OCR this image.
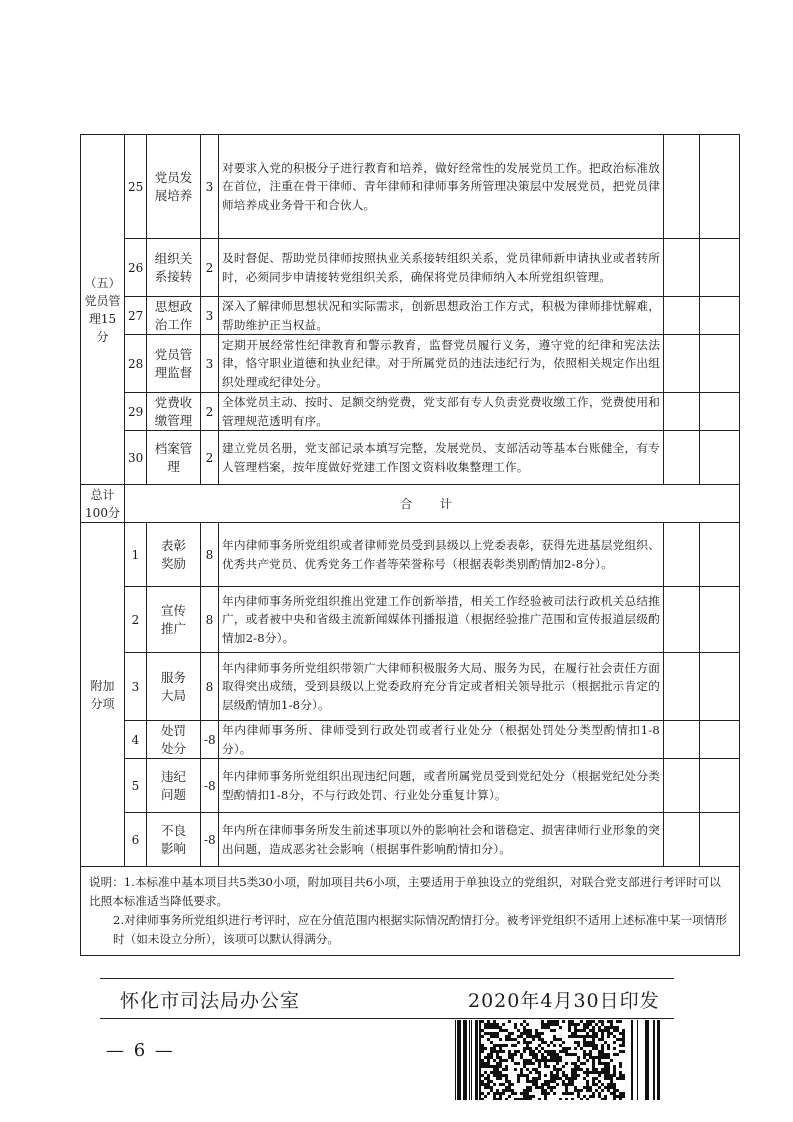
（五）
党员管
理15
分	25	党员发
展培养	3	对要求入党的积极分子进行教育和培养，做好经常性的发展党员工作。把政治标准放在首位，注重在骨干律师、青年律师和律师事务所管理决策层中发展党员，把党员律师培养成业务骨干和合伙人。		
	26	组织关
系接转	2	及时督促、帮助党员律师按照执业关系接转组织关系，党员律师新申请执业或者转所时，必须同步申请接转党组织关系，确保将党员律师纳入本所党组织管理。		
	27	思想政
治工作	3	深入了解律师思想状况和实际需求，创新思想政治工作方式，积极为律师排忧解难，帮助维护正当权益。		
	28	党员管
理监督	3	定期开展经常性纪律教育和警示教育，监督党员履行义务，遵守党的纪律和宪法法律，恪守职业道德和执业纪律。对于所属党员的违法违纪行为，依照相关规定作出组织处理或纪律处分。		
	29	党费收
缴管理	2	全体党员主动、按时、足额交纳党费，党支部有专人负责党费收缴工作，党费使用和管理规范透明有序。		
	30	档案管
理	2	建立党员名册，党支部记录本填写完整，发展党员、支部活动等基本台账健全，有专人管理档案，按年度做好党建工作图文资料收集整理工作。		
总计
100分	合 计					
附加
分项	1	表彰
奖励	8	年内律师事务所党组织或者律师党员受到县级以上党委表彰，获得先进基层党组织、优秀共产党员、优秀党务工作者等荣誉称号（根据表彰类别酌情加2-8分）。		
	2	宣传
推广	8	年内律师事务所党组织推出党建工作创新举措，相关工作经验被司法行政机关总结推广，或者被中央和省级主流新闻媒体刊播报道（根据经验推广范围和宣传报道层级酌情加2-8分）。		
	3	服务
大局	8	年内律师事务所党组织带领广大律师积极服务大局、服务为民，在履行社会责任方面取得突出成绩，受到县级以上党委政府充分肯定或者相关领导批示（根据批示肯定的层级酌情加1-8分）。		
	4	处罚
处分	-8	年内律师事务所、律师受到行政处罚或者行业处分（根据处罚处分类型酌情扣1-8分）。		
	5	违纪
问题	-8	年内律师事务所党组织出现违纪问题，或者所属党员受到党纪处分（根据党纪处分类型酌情扣1-8分，不与行政处罚、行业处分重复计算）。		
	6	不良
影响	-8	年内所在律师事务所发生前述事项以外的影响社会和谐稳定、损害律师行业形象的突出问题，造成恶劣社会影响（根据事件影响酌情扣分）。		

说明：1.本标准中基本项目共5类30小项，附加项目共6小项，主要适用于单独设立的党组织，对联合党支部进行考评时可以比照本标准适当降低要求。
2.对律师事务所党组织进行考评时，应在分值范围内根据实际情况酌情打分。被考评党组织不适用上述标准中某一项情形时（如未设立分所），该项可以默认得满分。						
怀化市司法局办公室	2020年4月30日印发
— 6 —
